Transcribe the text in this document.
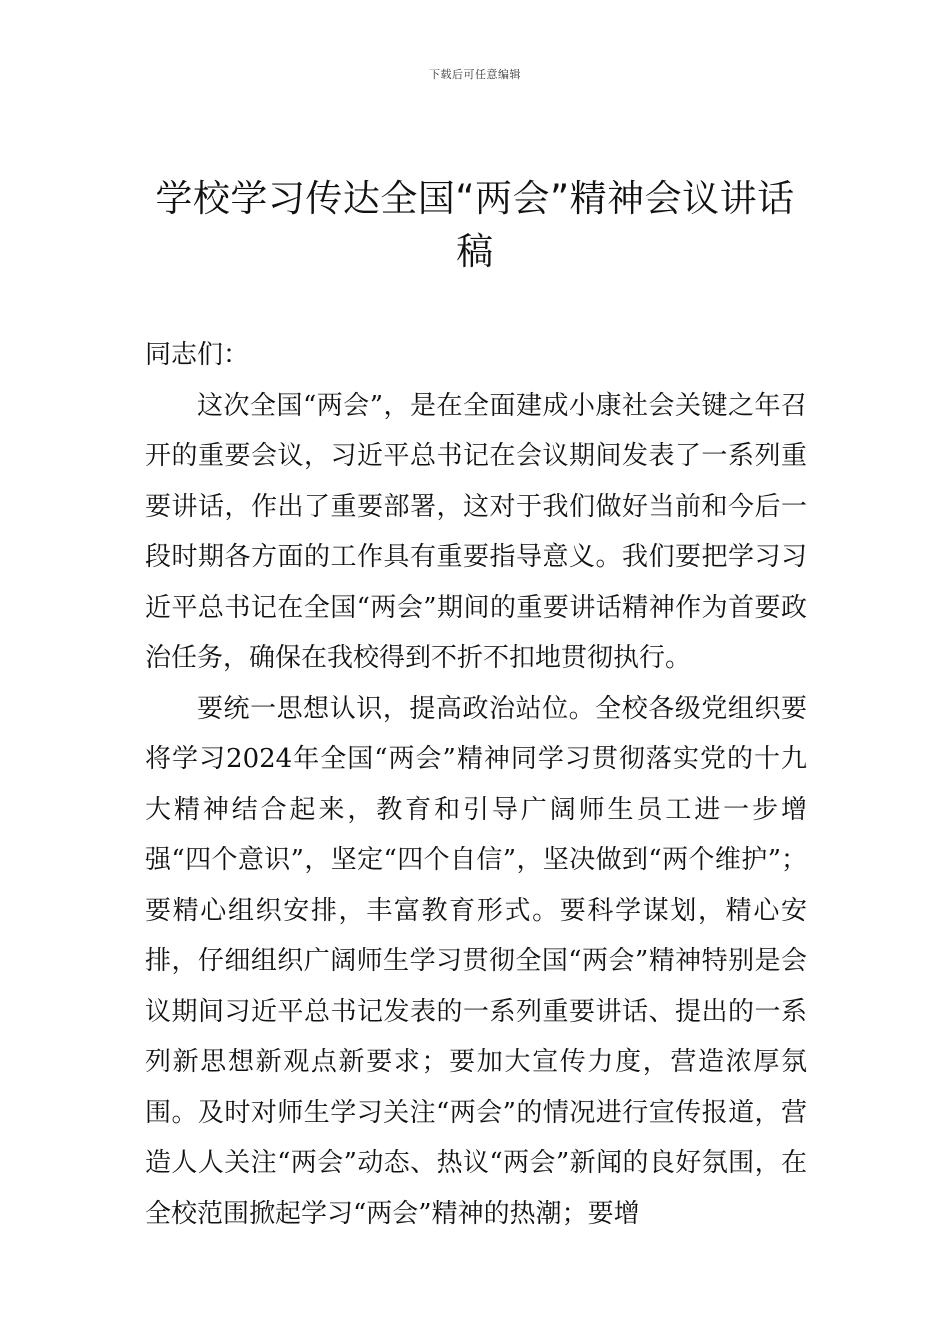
下载后可任意编辑
学校学习传达全国“两会”精神会议讲话稿

同志们：

这次全国“两会”，是在全面建成小康社会关键之年召开的重要会议，习近平总书记在会议期间发表了一系列重要讲话，作出了重要部署，这对于我们做好当前和今后一段时期各方面的工作具有重要指导意义。我们要把学习习近平总书记在全国“两会”期间的重要讲话精神作为首要政治任务，确保在我校得到不折不扣地贯彻执行。

要统一思想认识，提高政治站位。全校各级党组织要将学习2024年全国“两会”精神同学习贯彻落实党的十九大精神结合起来，教育和引导广阔师生员工进一步增强“四个意识”，坚定“四个自信”，坚决做到“两个维护”；要精心组织安排，丰富教育形式。要科学谋划，精心安排，仔细组织广阔师生学习贯彻全国“两会”精神特别是会议期间习近平总书记发表的一系列重要讲话、提出的一系列新思想新观点新要求；要加大宣传力度，营造浓厚氛围。及时对师生学习关注“两会”的情况进行宣传报道，营造人人关注“两会”动态、热议“两会”新闻的良好氛围，在全校范围掀起学习“两会”精神的热潮；要增
